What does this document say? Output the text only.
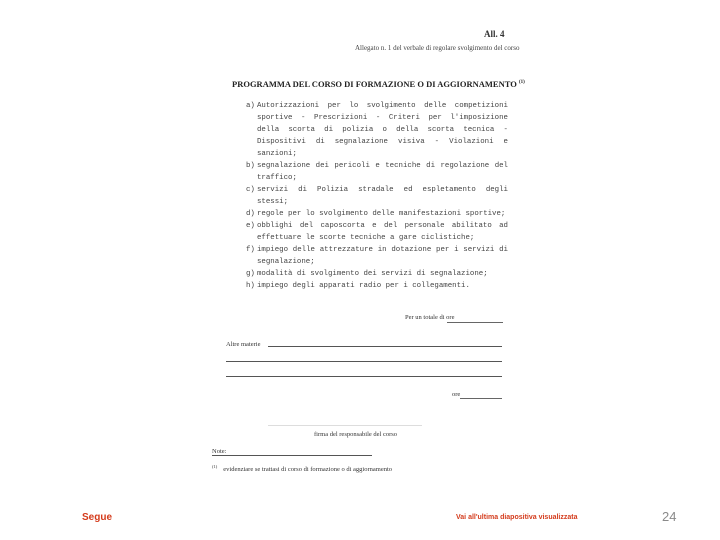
All. 4
Allegato n. 1 del verbale di regolare svolgimento del corso
PROGRAMMA DEL CORSO DI FORMAZIONE O DI AGGIORNAMENTO $^{(1)}$
a) Autorizzazioni per lo svolgimento delle competizioni sportive - Prescrizioni - Criteri per l'imposizione della scorta di polizia o della scorta tecnica - Dispositivi di segnalazione visiva - Violazioni e sanzioni;
b) segnalazione dei pericoli e tecniche di regolazione del traffico;
c) servizi di Polizia stradale ed espletamento degli stessi;
d) regole per lo svolgimento delle manifestazioni sportive;
e) obblighi del caposcorta e del personale abilitato ad effettuare le scorte tecniche a gare ciclistiche;
f) impiego delle attrezzature in dotazione per i servizi di segnalazione;
g) modalità di svolgimento dei servizi di segnalazione;
h) impiego degli apparati radio per i collegamenti.
Per un totale di ore
Altre materie
ore
firma del responsabile del corso
Note:
$^{(1)}$ evidenziare se trattasi di corso di formazione o di aggiornamento
Segue	Vai all'ultima diapositiva visualizzata	24
